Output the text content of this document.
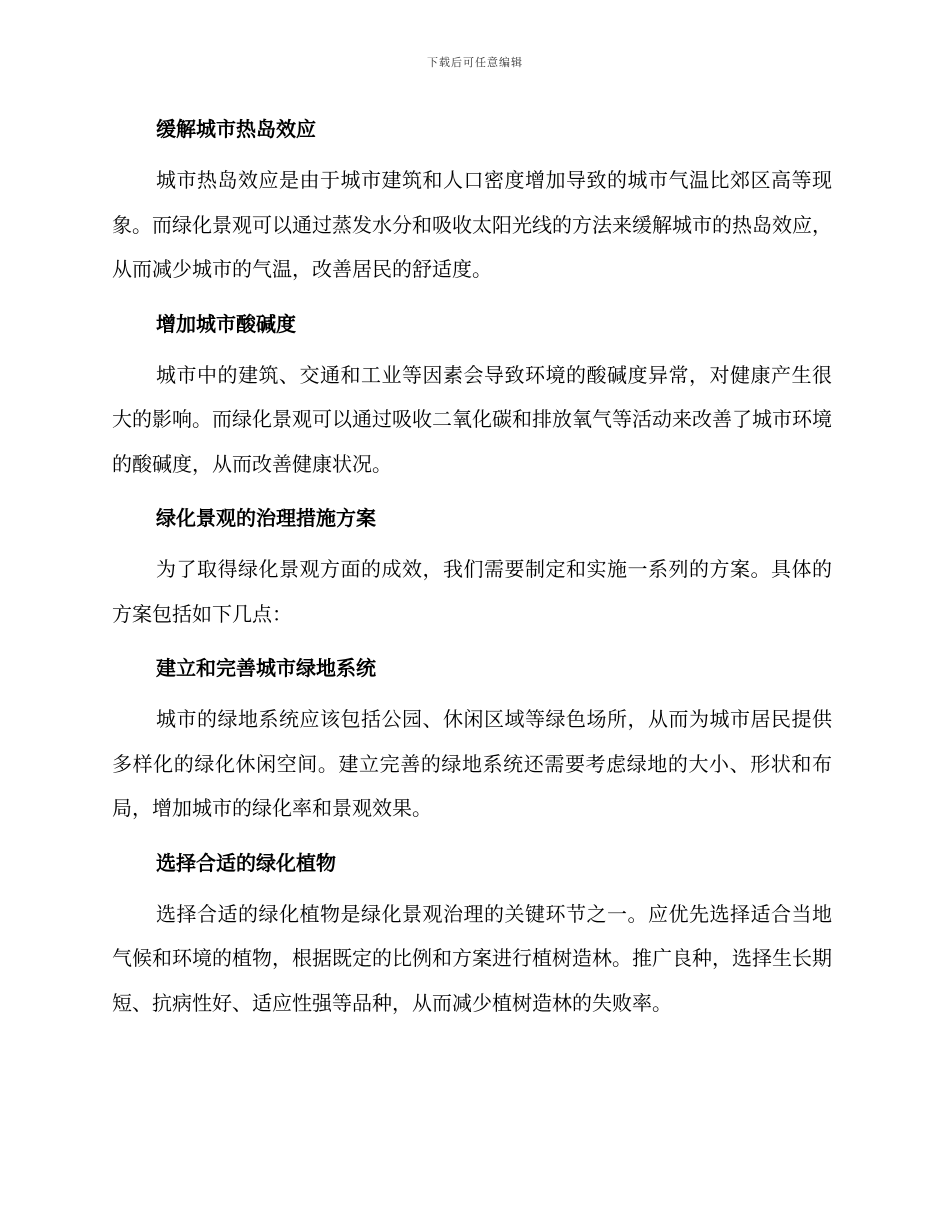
下载后可任意编辑
缓解城市热岛效应

城市热岛效应是由于城市建筑和人口密度增加导致的城市气温比郊区高等现象。而绿化景观可以通过蒸发水分和吸收太阳光线的方法来缓解城市的热岛效应，从而减少城市的气温，改善居民的舒适度。

增加城市酸碱度

城市中的建筑、交通和工业等因素会导致环境的酸碱度异常，对健康产生很大的影响。而绿化景观可以通过吸收二氧化碳和排放氧气等活动来改善了城市环境的酸碱度，从而改善健康状况。

绿化景观的治理措施方案

为了取得绿化景观方面的成效，我们需要制定和实施一系列的方案。具体的方案包括如下几点：

建立和完善城市绿地系统

城市的绿地系统应该包括公园、休闲区域等绿色场所，从而为城市居民提供多样化的绿化休闲空间。建立完善的绿地系统还需要考虑绿地的大小、形状和布局，增加城市的绿化率和景观效果。

选择合适的绿化植物

选择合适的绿化植物是绿化景观治理的关键环节之一。应优先选择适合当地气候和环境的植物，根据既定的比例和方案进行植树造林。推广良种，选择生长期短、抗病性好、适应性强等品种，从而减少植树造林的失败率。
